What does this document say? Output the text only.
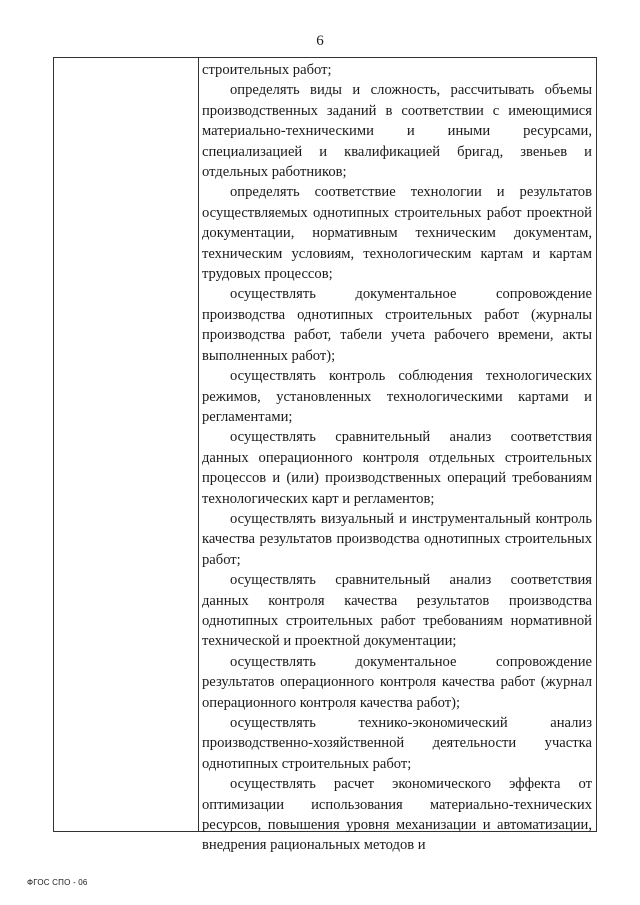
6

строительных работ;

определять виды и сложность, рассчитывать объемы производственных заданий в соответствии с имеющимися материально-техническими и иными ресурсами, специализацией и квалификацией бригад, звеньев и отдельных работников;

определять соответствие технологии и результатов осуществляемых однотипных строительных работ проектной документации, нормативным техническим документам, техническим условиям, технологическим картам и картам трудовых процессов;

осуществлять документальное сопровождение производства однотипных строительных работ (журналы производства работ, табели учета рабочего времени, акты выполненных работ);

осуществлять контроль соблюдения технологических режимов, установленных технологическими картами и регламентами;

осуществлять сравнительный анализ соответствия данных операционного контроля отдельных строительных процессов и (или) производственных операций требованиям технологических карт и регламентов;

осуществлять визуальный и инструментальный контроль качества результатов производства однотипных строительных работ;

осуществлять сравнительный анализ соответствия данных контроля качества результатов производства однотипных строительных работ требованиям нормативной технической и проектной документации;

осуществлять документальное сопровождение результатов операционного контроля качества работ (журнал операционного контроля качества работ);

осуществлять технико-экономический анализ производственно-хозяйственной деятельности участка однотипных строительных работ;

осуществлять расчет экономического эффекта от оптимизации использования материально-технических ресурсов, повышения уровня механизации и автоматизации, внедрения рациональных методов и

ФГОС СПО - 06
